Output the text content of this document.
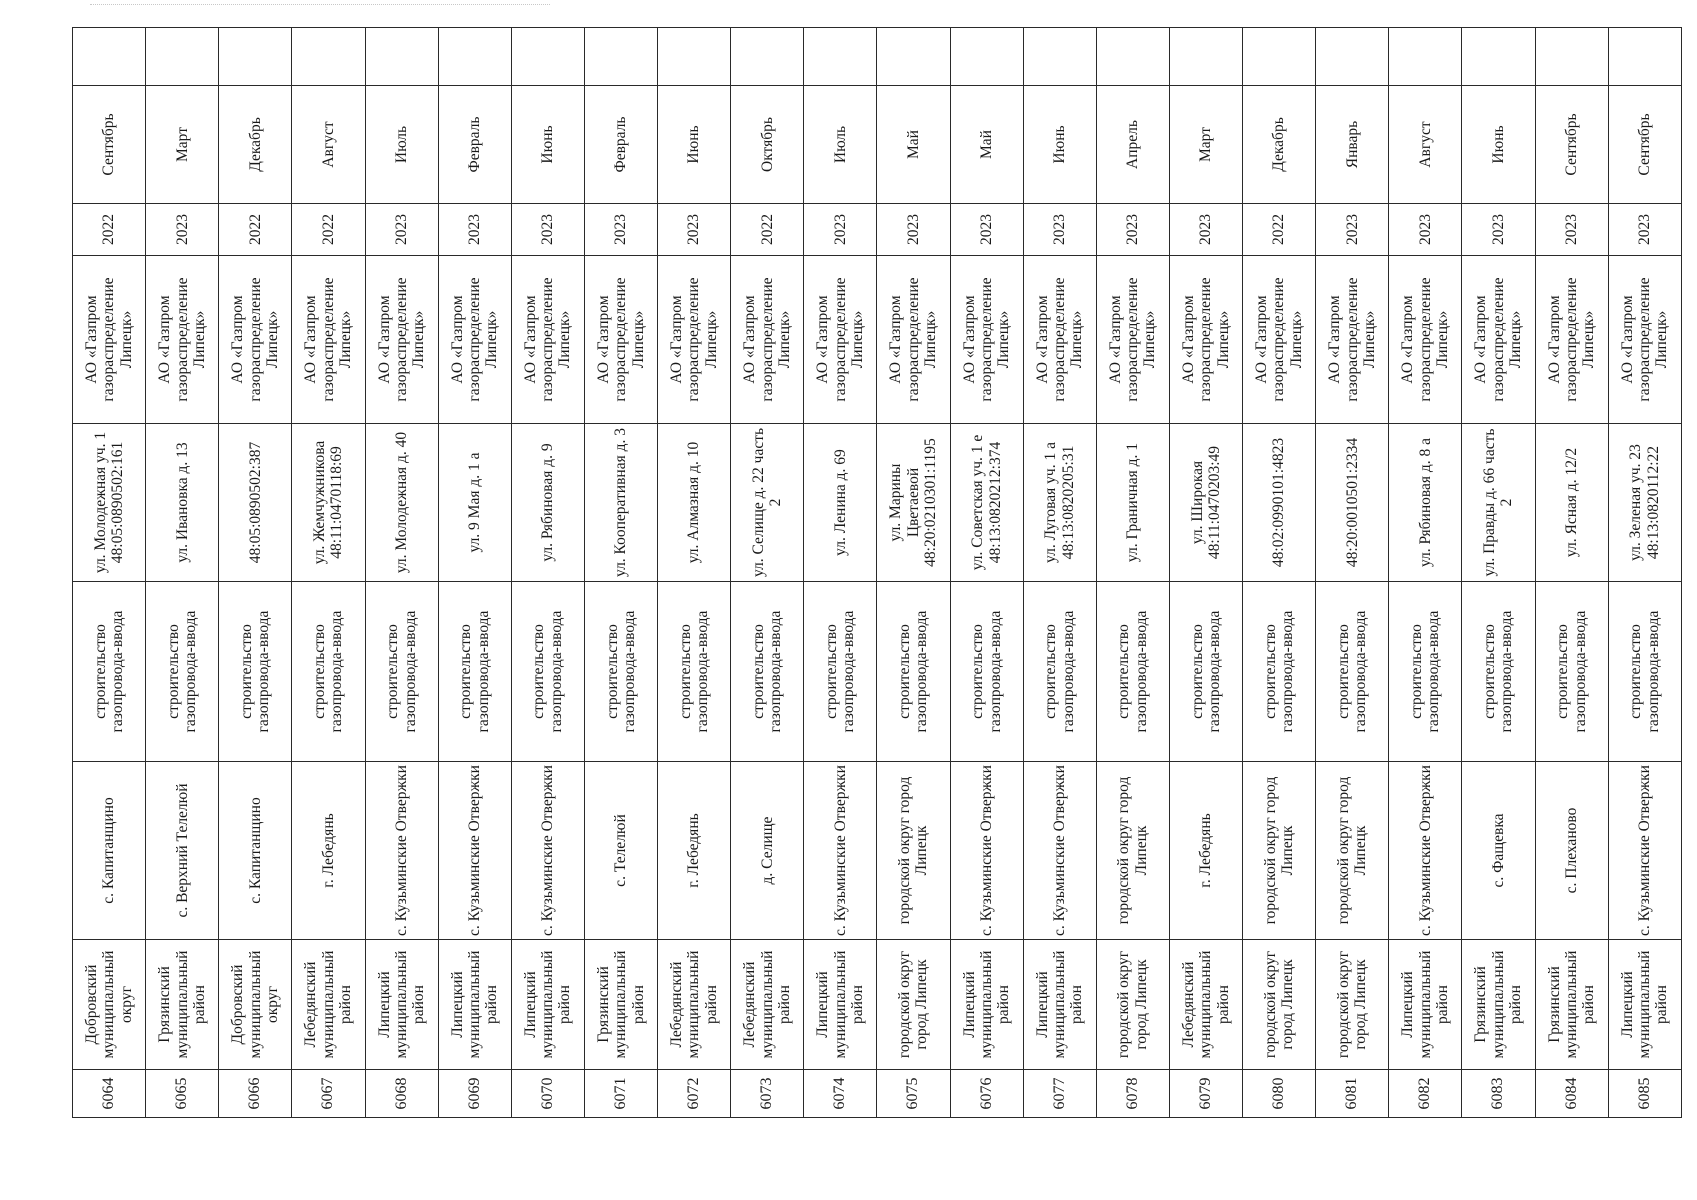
6064	Добровский муниципальный округ	с. Капитанщино	строительство газопровода-ввода	ул. Молодежная уч. 1 48:05:0890502:161	АО «Газпром газораспределение Липецк»	2022	Сентябрь	
6065	Грязинский муниципальный район	с. Верхний Телелюй	строительство газопровода-ввода	ул. Ивановка д. 13	АО «Газпром газораспределение Липецк»	2023	Март	
6066	Добровский муниципальный округ	с. Капитанщино	строительство газопровода-ввода	48:05:0890502:387	АО «Газпром газораспределение Липецк»	2022	Декабрь	
6067	Лебедянский муниципальный район	г. Лебедянь	строительство газопровода-ввода	ул. Жемчужникова 48:11:0470118:69	АО «Газпром газораспределение Липецк»	2022	Август	
6068	Липецкий муниципальный район	с. Кузьминские Отвержки	строительство газопровода-ввода	ул. Молодежная д. 40	АО «Газпром газораспределение Липецк»	2023	Июль	
6069	Липецкий муниципальный район	с. Кузьминские Отвержки	строительство газопровода-ввода	ул. 9 Мая д. 1 а	АО «Газпром газораспределение Липецк»	2023	Февраль	
6070	Липецкий муниципальный район	с. Кузьминские Отвержки	строительство газопровода-ввода	ул. Рябиновая д. 9	АО «Газпром газораспределение Липецк»	2023	Июнь	
6071	Грязинский муниципальный район	с. Телелюй	строительство газопровода-ввода	ул. Кооперативная д. 3	АО «Газпром газораспределение Липецк»	2023	Февраль	
6072	Лебедянский муниципальный район	г. Лебедянь	строительство газопровода-ввода	ул. Алмазная д. 10	АО «Газпром газораспределение Липецк»	2023	Июнь	
6073	Лебедянский муниципальный район	д. Селище	строительство газопровода-ввода	ул. Селище д. 22 часть 2	АО «Газпром газораспределение Липецк»	2022	Октябрь	
6074	Липецкий муниципальный район	с. Кузьминские Отвержки	строительство газопровода-ввода	ул. Ленина д. 69	АО «Газпром газораспределение Липецк»	2023	Июль	
6075	городской округ город Липецк	городской округ город Липецк	строительство газопровода-ввода	ул. Марины Цветаевой 48:20:0210301:1195	АО «Газпром газораспределение Липецк»	2023	Май	
6076	Липецкий муниципальный район	с. Кузьминские Отвержки	строительство газопровода-ввода	ул. Советская уч. 1 е 48:13:0820212:374	АО «Газпром газораспределение Липецк»	2023	Май	
6077	Липецкий муниципальный район	с. Кузьминские Отвержки	строительство газопровода-ввода	ул. Луговая уч. 1 а 48:13:0820205:31	АО «Газпром газораспределение Липецк»	2023	Июнь	
6078	городской округ город Липецк	городской округ город Липецк	строительство газопровода-ввода	ул. Граничная д. 1	АО «Газпром газораспределение Липецк»	2023	Апрель	
6079	Лебедянский муниципальный район	г. Лебедянь	строительство газопровода-ввода	ул. Широкая 48:11:0470203:49	АО «Газпром газораспределение Липецк»	2023	Март	
6080	городской округ город Липецк	городской округ город Липецк	строительство газопровода-ввода	48:02:0990101:4823	АО «Газпром газораспределение Липецк»	2022	Декабрь	
6081	городской округ город Липецк	городской округ город Липецк	строительство газопровода-ввода	48:20:0010501:2334	АО «Газпром газораспределение Липецк»	2023	Январь	
6082	Липецкий муниципальный район	с. Кузьминские Отвержки	строительство газопровода-ввода	ул. Рябиновая д. 8 а	АО «Газпром газораспределение Липецк»	2023	Август	
6083	Грязинский муниципальный район	с. Фащевка	строительство газопровода-ввода	ул. Правды д. 66 часть 2	АО «Газпром газораспределение Липецк»	2023	Июнь	
6084	Грязинский муниципальный район	с. Плеханово	строительство газопровода-ввода	ул. Ясная д. 12/2	АО «Газпром газораспределение Липецк»	2023	Сентябрь	
6085	Липецкий муниципальный район	с. Кузьминские Отвержки	строительство газопровода-ввода	ул. Зеленая уч. 23 48:13:0820112:22	АО «Газпром газораспределение Липецк»	2023	Сентябрь	
